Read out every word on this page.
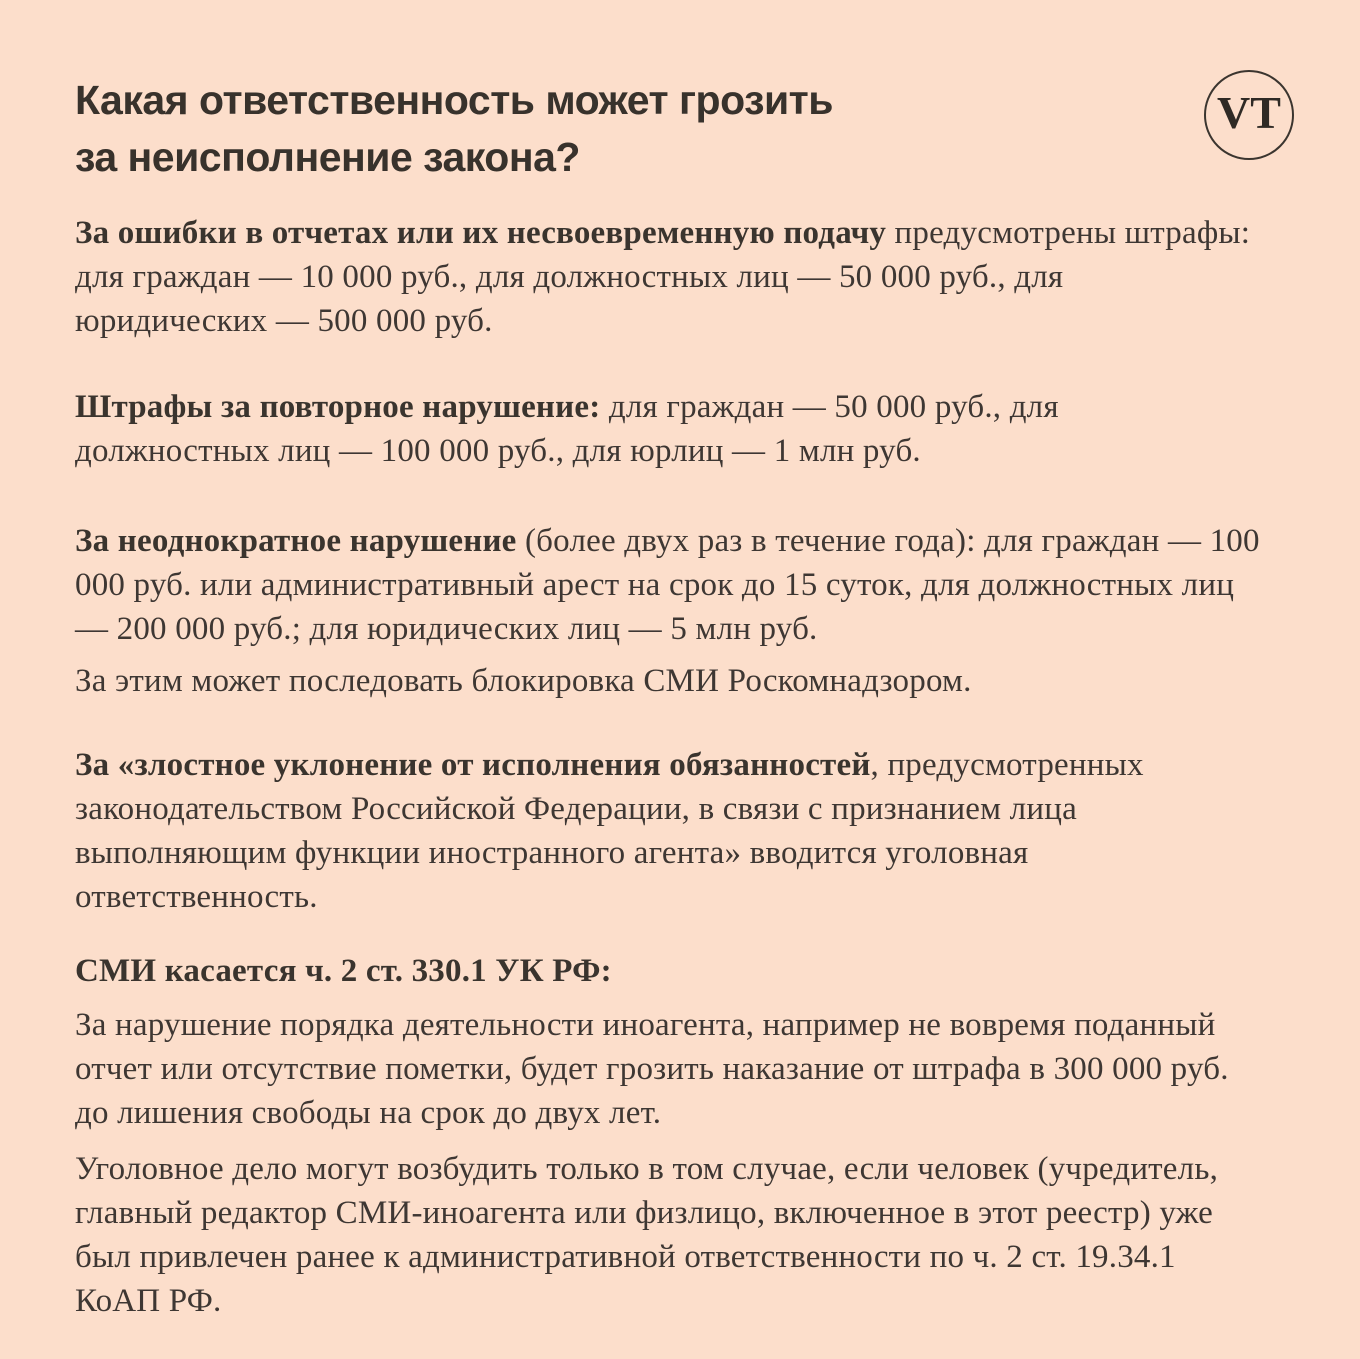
VT
Какая ответственность может грозить
за неисполнение закона?

За ошибки в отчетах или их несвоевременную подачу предусмотрены штрафы: для граждан — 10 000 руб., для должностных лиц — 50 000 руб., для юридических — 500 000 руб.

Штрафы за повторное нарушение: для граждан — 50 000 руб., для должностных лиц — 100 000 руб., для юрлиц — 1 млн руб.

За неоднократное нарушение (более двух раз в течение года): для граждан — 100 000 руб. или административный арест на срок до 15 суток, для должностных лиц — 200 000 руб.; для юридических лиц — 5 млн руб.

За этим может последовать блокировка СМИ Роскомнадзором.

За «злостное уклонение от исполнения обязанностей, предусмотренных законодательством Российской Федерации, в связи с признанием лица выполняющим функции иностранного агента» вводится уголовная ответственность.

СМИ касается ч. 2 ст. 330.1 УК РФ:

За нарушение порядка деятельности иноагента, например не вовремя поданный отчет или отсутствие пометки, будет грозить наказание от штрафа в 300 000 руб. до лишения свободы на срок до двух лет.

Уголовное дело могут возбудить только в том случае, если человек (учредитель, главный редактор СМИ-иноагента или физлицо, включенное в этот реестр) уже был привлечен ранее к административной ответственности по ч. 2 ст. 19.34.1 КоАП РФ.
